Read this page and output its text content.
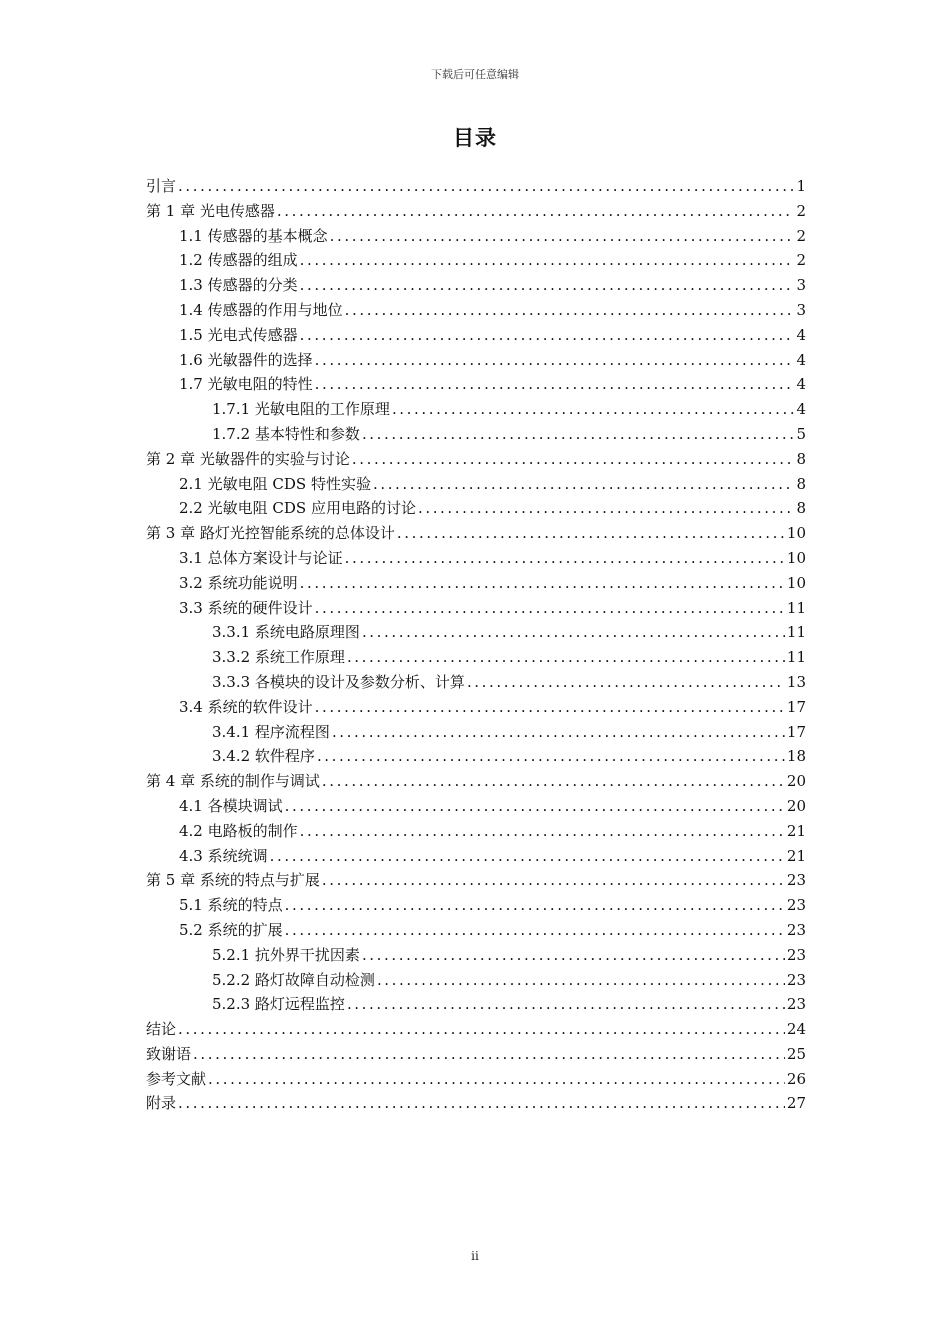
下载后可任意编辑
目录
引言 .....	1
第 1 章 光电传感器 .....	2
1.1 传感器的基本概念 .....	2
1.2 传感器的组成 .....	2
1.3 传感器的分类 .....	3
1.4 传感器的作用与地位 .....	3
1.5 光电式传感器 .....	4
1.6 光敏器件的选择 .....	4
1.7 光敏电阻的特性 .....	4
1.7.1 光敏电阻的工作原理 .....	4
1.7.2 基本特性和参数 .....	5
第 2 章 光敏器件的实验与讨论 .....	8
2.1 光敏电阻 CDS 特性实验 .....	8
2.2 光敏电阻 CDS 应用电路的讨论 .....	8
第 3 章 路灯光控智能系统的总体设计 .....	10
3.1 总体方案设计与论证 .....	10
3.2 系统功能说明 .....	10
3.3 系统的硬件设计 .....	11
3.3.1 系统电路原理图 .....	11
3.3.2 系统工作原理 .....	11
3.3.3 各模块的设计及参数分析、计算 .....	13
3.4 系统的软件设计 .....	17
3.4.1 程序流程图 .....	17
3.4.2 软件程序 .....	18
第 4 章 系统的制作与调试 .....	20
4.1 各模块调试 .....	20
4.2 电路板的制作 .....	21
4.3 系统统调 .....	21
第 5 章 系统的特点与扩展 .....	23
5.1 系统的特点 .....	23
5.2 系统的扩展 .....	23
5.2.1 抗外界干扰因素 .....	23
5.2.2 路灯故障自动检测 .....	23
5.2.3 路灯远程监控 .....	23
结论 .....	24
致谢语 .....	25
参考文献 .....	26
附录 .....	27
ii
